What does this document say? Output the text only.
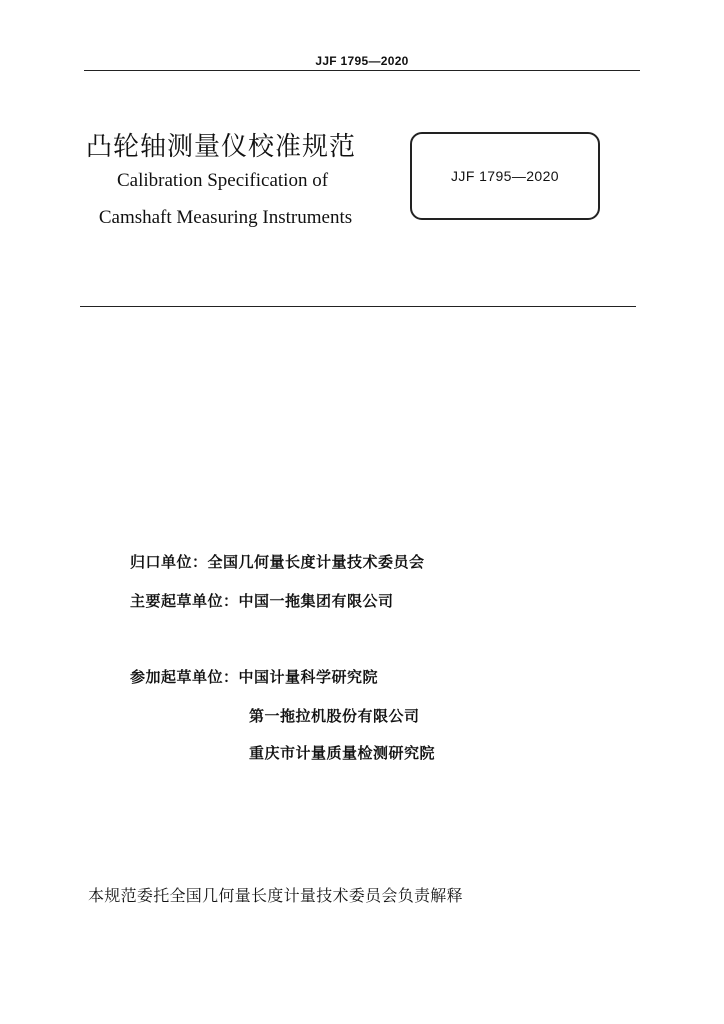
JJF 1795—2020
凸轮轴测量仪校准规范
Calibration Specification of
Camshaft Measuring Instruments
JJF 1795—2020
归口单位：全国几何量长度计量技术委员会
主要起草单位：中国一拖集团有限公司
参加起草单位：中国计量科学研究院
第一拖拉机股份有限公司
重庆市计量质量检测研究院
本规范委托全国几何量长度计量技术委员会负责解释
